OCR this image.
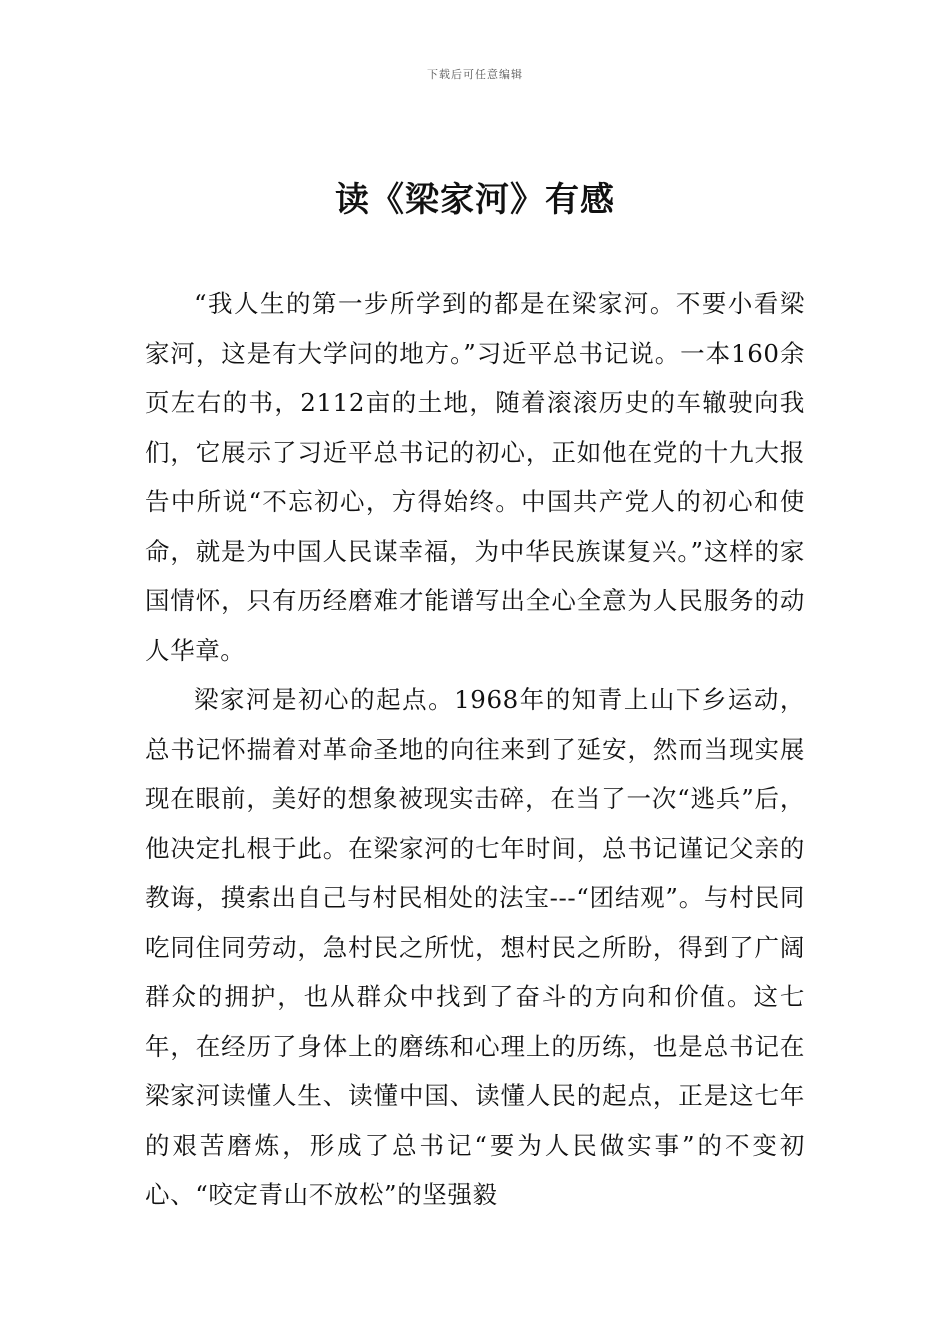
下载后可任意编辑
读《梁家河》有感

“我人生的第一步所学到的都是在梁家河。不要小看梁家河，这是有大学问的地方。”习近平总书记说。一本160余页左右的书，2112亩的土地，随着滚滚历史的车辙驶向我们，它展示了习近平总书记的初心，正如他在党的十九大报告中所说“不忘初心，方得始终。中国共产党人的初心和使命，就是为中国人民谋幸福，为中华民族谋复兴。”这样的家国情怀，只有历经磨难才能谱写出全心全意为人民服务的动人华章。

梁家河是初心的起点。1968年的知青上山下乡运动，总书记怀揣着对革命圣地的向往来到了延安，然而当现实展现在眼前，美好的想象被现实击碎，在当了一次“逃兵”后，他决定扎根于此。在梁家河的七年时间，总书记谨记父亲的教诲，摸索出自己与村民相处的法宝---“团结观”。与村民同吃同住同劳动，急村民之所忧，想村民之所盼，得到了广阔群众的拥护，也从群众中找到了奋斗的方向和价值。这七年，在经历了身体上的磨练和心理上的历练，也是总书记在梁家河读懂人生、读懂中国、读懂人民的起点，正是这七年的艰苦磨炼，形成了总书记“要为人民做实事”的不变初心、“咬定青山不放松”的坚强毅
